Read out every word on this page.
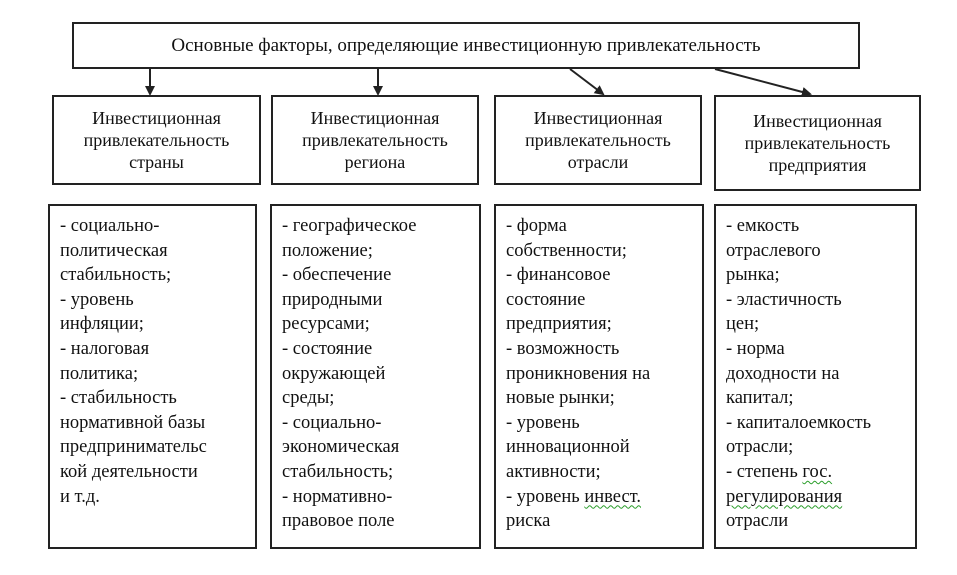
Основные факторы, определяющие инвестиционную привлекательность
Инвестиционная
привлекательность
страны
Инвестиционная
привлекательность
региона
Инвестиционная
привлекательность
отрасли
Инвестиционная
привлекательность
предприятия
- социально-
политическая
стабильность;
- уровень
инфляции;
- налоговая
политика;
- стабильность
нормативной базы
предпринимательс
кой деятельности
и т.д.
- географическое
положение;
- обеспечение
природными
ресурсами;
- состояние
окружающей
среды;
- социально-
экономическая
стабильность;
- нормативно-
правовое поле
- форма
собственности;
- финансовое
состояние
предприятия;
- возможность
проникновения на
новые рынки;
- уровень
инновационной
активности;
- уровень инвест.
риска
- емкость
отраслевого
рынка;
- эластичность
цен;
- норма
доходности на
капитал;
- капиталоемкость
отрасли;
- степень гос.
регулирования
отрасли
